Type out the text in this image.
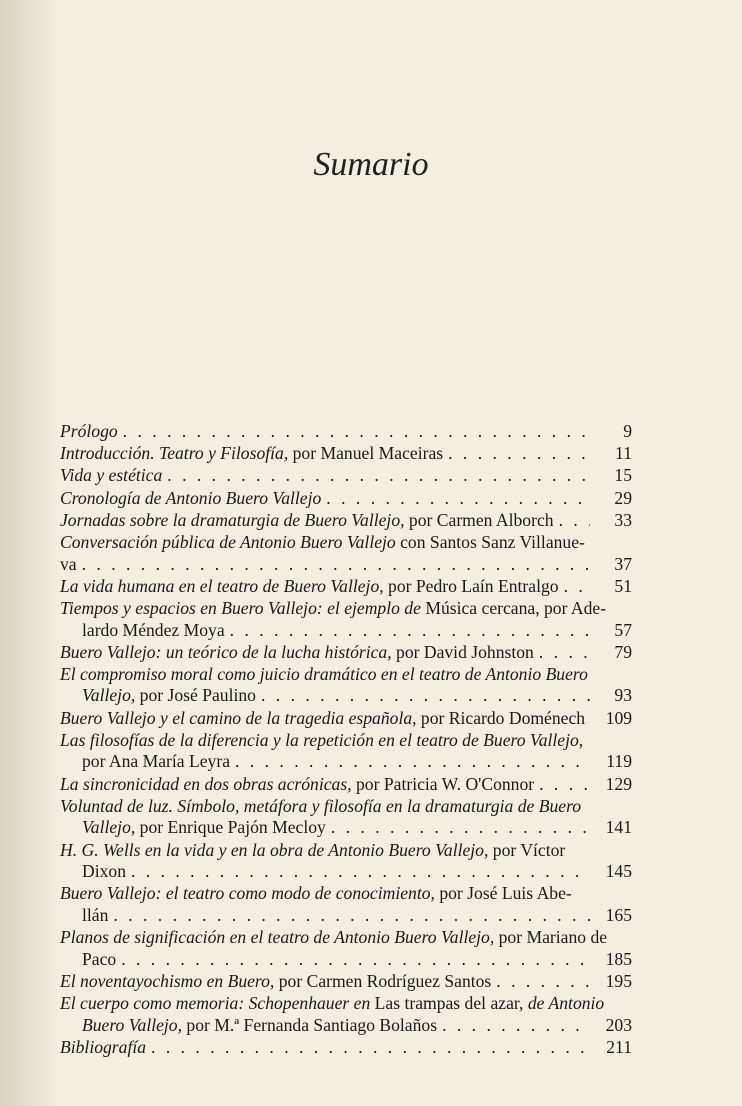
Sumario
Prólogo . . .	9
Introducción. Teatro y Filosofía, por Manuel Maceiras . . .	11
Vida y estética . . .	15
Cronología de Antonio Buero Vallejo . . .	29
Jornadas sobre la dramaturgia de Buero Vallejo, por Carmen Alborch . . .	33
Conversación pública de Antonio Buero Vallejo con Santos Sanz Villanue-
va . . .	37
La vida humana en el teatro de Buero Vallejo, por Pedro Laín Entralgo . . .	51
Tiempos y espacios en Buero Vallejo: el ejemplo de Música cercana, por Ade-
lardo Méndez Moya . . .	57
Buero Vallejo: un teórico de la lucha histórica, por David Johnston . . .	79
El compromiso moral como juicio dramático en el teatro de Antonio Buero
Vallejo, por José Paulino . . .	93
Buero Vallejo y el camino de la tragedia española, por Ricardo Doménech	109
Las filosofías de la diferencia y la repetición en el teatro de Buero Vallejo,
por Ana María Leyra . . .	119
La sincronicidad en dos obras acrónicas, por Patricia W. O'Connor . . .	129
Voluntad de luz. Símbolo, metáfora y filosofía en la dramaturgia de Buero
Vallejo, por Enrique Pajón Mecloy . . .	141
H. G. Wells en la vida y en la obra de Antonio Buero Vallejo, por Víctor
Dixon . . .	145
Buero Vallejo: el teatro como modo de conocimiento, por José Luis Abe-
llán . . .	165
Planos de significación en el teatro de Antonio Buero Vallejo, por Mariano de
Paco . . .	185
El noventayochismo en Buero, por Carmen Rodríguez Santos . . .	195
El cuerpo como memoria: Schopenhauer en Las trampas del azar, de Antonio
Buero Vallejo, por M.ª Fernanda Santiago Bolaños . . .	203
Bibliografía . . .	211
